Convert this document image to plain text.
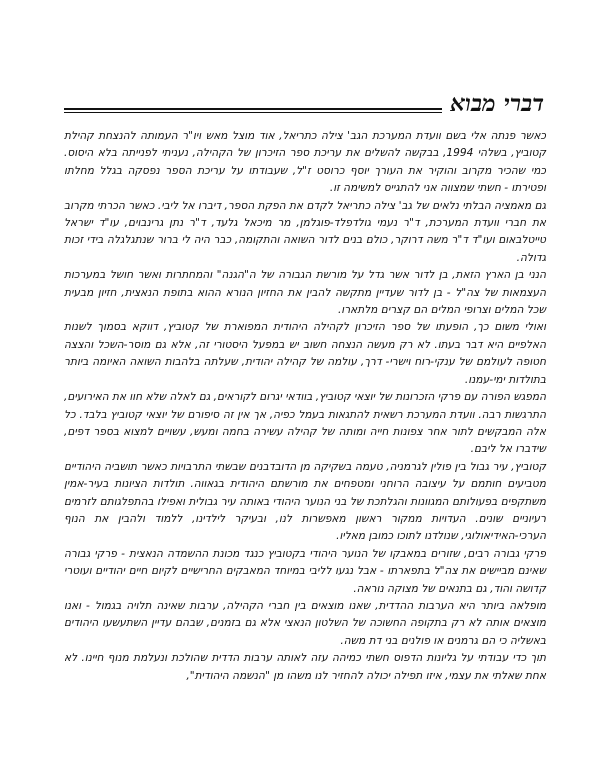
דברי מבוא

כאשר פנתה אלי בשם וועדת המערכת הגב' צילה כתריאל, אוד מוצל מאש ויו"ר העמותה להנצחת קהילת קטוביץ, בשלהי 1994, בבקשה להשלים את עריכת ספר הזיכרון של הקהילה, נעניתי לפנייתה בלא היסוס. כמי שהכיר מקרוב והוקיר את העורך יוסף כרוסט ז"ל, שעבודתו על עריכת הספר נפסקה בגלל מחלתו ופטירתו - חשתי שמצווה אני להתגייס למשימה זו.

גם מאמציה הבלתי נלאים של גב' צילה כתריאל לקדם את הפקת הספר, דיברו אל ליבי. כאשר הכרתי מקרוב את חברי וועדת המערכת, ד"ר נעמי גולדפלד-פוגלמן, מר מיכאל גלעד, ד"ר נתן גרינבוים, עו"ד ישראל טייטלבאום ועו"ד ד"ר משה דרוקר, כולם בנים לדור השואה והתקומה, כבר היה לי ברור שנתגלגלה בידי זכות גדולה.

הנני בן הארץ הזאת, בן לדור אשר גדל על מורשת הגבורה של ה"הגנה" והמחתרות ואשר חושל במערכות העצמאות של צה"ל - בן לדור שעדיין מתקשה להבין את החזיון הנורא ההוא בתופת הנאצית, חזיון מבעית שכל המלים וצרופי המלים הם קצרים מלתארו.

ואולי משום כך, הופעתו של ספר הזיכרון לקהילה היהודית המפוארת של קטוביץ, דווקא בסמוך לשנות האלפיים היא דבר בעתו. לא רק מעשה הנצחה חשוב יש במפעל היסטורי זה, אלא גם מוסר-השכל והצצה חטופה לעולמם של ענקי-רוח וישרי- דרך, עולמה של קהילה יהודית, שעלתה בלהבות השואה האיומה ביותר בתולדות ימי-עמנו.

המפגש הפורה עם פרקי הזכרונות של יוצאי קטוביץ, בוודאי יגרום לקוראים, גם לאלה שלא חוו את האירועים, התרגשות רבה. וועדת המערכת רשאית להתגאות בעמל כפיה, אך אין זה סיפורם של יוצאי קטוביץ בלבד. כל אלה המבקשים לתור אחר צפונות חייה ומותה של קהילה עשירה בחמה ומעש, עשויים למצוא בספר דפים, שידברו אל ליבם.

קטוביץ, עיר גבול בין פולין לגרמניה, טעמה בשקיקה מן הדובדבנים שבשתי התרבויות כאשר תושביה היהודיים מטביעים חותמם על עיצובה הרוחני ומטפחים את מורשתם היהודית בגאווה. תולדות הציונות בעיר-אמין משתקפים בפעולותם המגוונות והגלתכת של בני הנוער היהודי באותה עיר גבולית ואפילו בהתפלגותם לזרמים רעיוניים שונים. העדויות ממקור ראשון מאפשרות לנו, ובעיקר לילדינו, ללמוד ולהבין את הנוף הערכי-האידיאולוגי, שנולדנו לתוכו כמובן מאליו.

פרקי גבורה רבים, שזורים במאבקו של הנוער היהודי בקטוביץ כנגד מכונת ההשמדה הנאצית - פרקי גבורה שאינם מביישים את צה"ל בתפארתו - אבל נגעו לליבי במיוחד המאבקים החרישיים לקיום חיים יהודיים ועוטרי קדושה והוד, גם בתנאים של מצוקה נוראה.

מופלאה ביותר היא הערבות ההדדית, שאנו מוצאים בין חברי הקהילה, ערבות שאינה תלויה בגמול - ואנו מוצאים אותה לא רק בתקופה החשוכה של השלטון הנאצי אלא גם בזמנים, שבהם עדיין השתעשעו היהודים באשליה כי הם גרמנים או פולנים בני דת משה.

תוך כדי עבודתי על גליונות הדפוס חשתי כמיהה עזה לאותה ערבות הדדית שהולכת ונעלמת מנוף חיינו. לא אחת שאלתי את עצמי, איזו תפילה יכולה להחזיר לנו משהו מן "הנשמה היהודית",
